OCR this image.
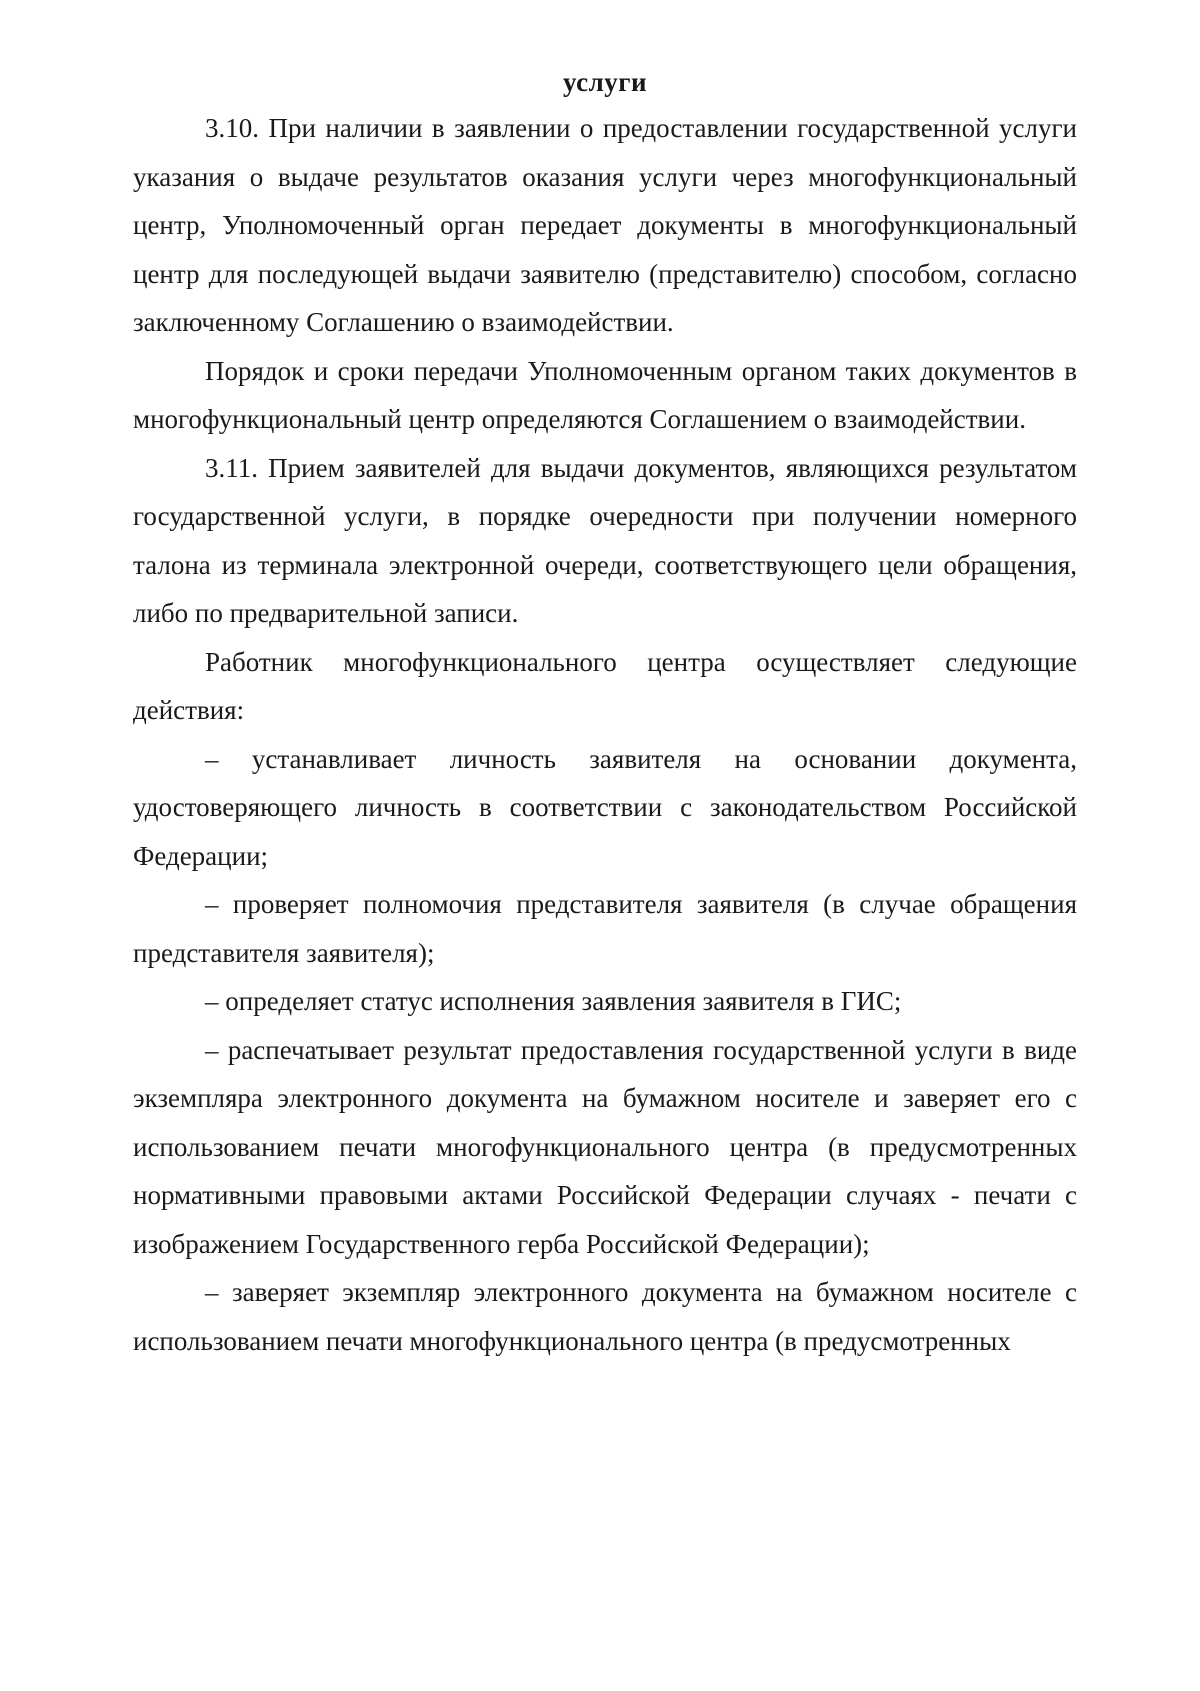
услуги

3.10. При наличии в заявлении о предоставлении государственной услуги указания о выдаче результатов оказания услуги через многофункциональный центр, Уполномоченный орган передает документы в многофункциональный центр для последующей выдачи заявителю (представителю) способом, согласно заключенному Соглашению о взаимодействии.

Порядок и сроки передачи Уполномоченным органом таких документов в многофункциональный центр определяются Соглашением о взаимодействии.

3.11. Прием заявителей для выдачи документов, являющихся результатом государственной услуги, в порядке очередности при получении номерного талона из терминала электронной очереди, соответствующего цели обращения, либо по предварительной записи.

Работник многофункционального центра осуществляет следующие действия:

– устанавливает личность заявителя на основании документа, удостоверяющего личность в соответствии с законодательством Российской Федерации;

– проверяет полномочия представителя заявителя (в случае обращения представителя заявителя);

– определяет статус исполнения заявления заявителя в ГИС;

– распечатывает результат предоставления государственной услуги в виде экземпляра электронного документа на бумажном носителе и заверяет его с использованием печати многофункционального центра (в предусмотренных нормативными правовыми актами Российской Федерации случаях - печати с изображением Государственного герба Российской Федерации);

– заверяет экземпляр электронного документа на бумажном носителе с использованием печати многофункционального центра (в предусмотренных
